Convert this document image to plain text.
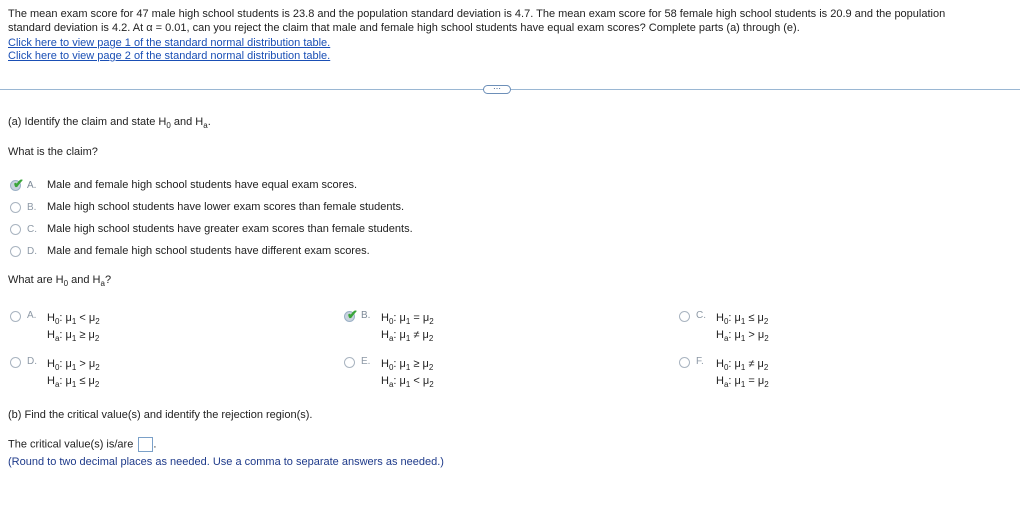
The mean exam score for 47 male high school students is 23.8 and the population standard deviation is 4.7. The mean exam score for 58 female high school students is 20.9 and the population
standard deviation is 4.2. At α = 0.01, can you reject the claim that male and female high school students have equal exam scores? Complete parts (a) through (e).
Click here to view page 1 of the standard normal distribution table.
Click here to view page 2 of the standard normal distribution table.
⋯
(a) Identify the claim and state $H_0$ and $H_a$.
What is the claim?
✔ A. Male and female high school students have equal exam scores.
B. Male high school students have lower exam scores than female students.
C. Male high school students have greater exam scores than female students.
D. Male and female high school students have different exam scores.
What are $H_0$ and $H_a$?
A. $H_0$: $\mu_1 < \mu_2$
$H_a$: $\mu_1 \ge \mu_2$
✔ B. $H_0$: $\mu_1 = \mu_2$
$H_a$: $\mu_1 \ne \mu_2$
C. $H_0$: $\mu_1 \le \mu_2$
$H_a$: $\mu_1 > \mu_2$
D. $H_0$: $\mu_1 > \mu_2$
$H_a$: $\mu_1 \le \mu_2$
E. $H_0$: $\mu_1 \ge \mu_2$
$H_a$: $\mu_1 < \mu_2$
F.	$H_0$: $\mu_1 \ne \mu_2$
$H_a$: $\mu_1 = \mu_2$
(b) Find the critical value(s) and identify the rejection region(s).
The critical value(s) is/are .
(Round to two decimal places as needed. Use a comma to separate answers as needed.)
